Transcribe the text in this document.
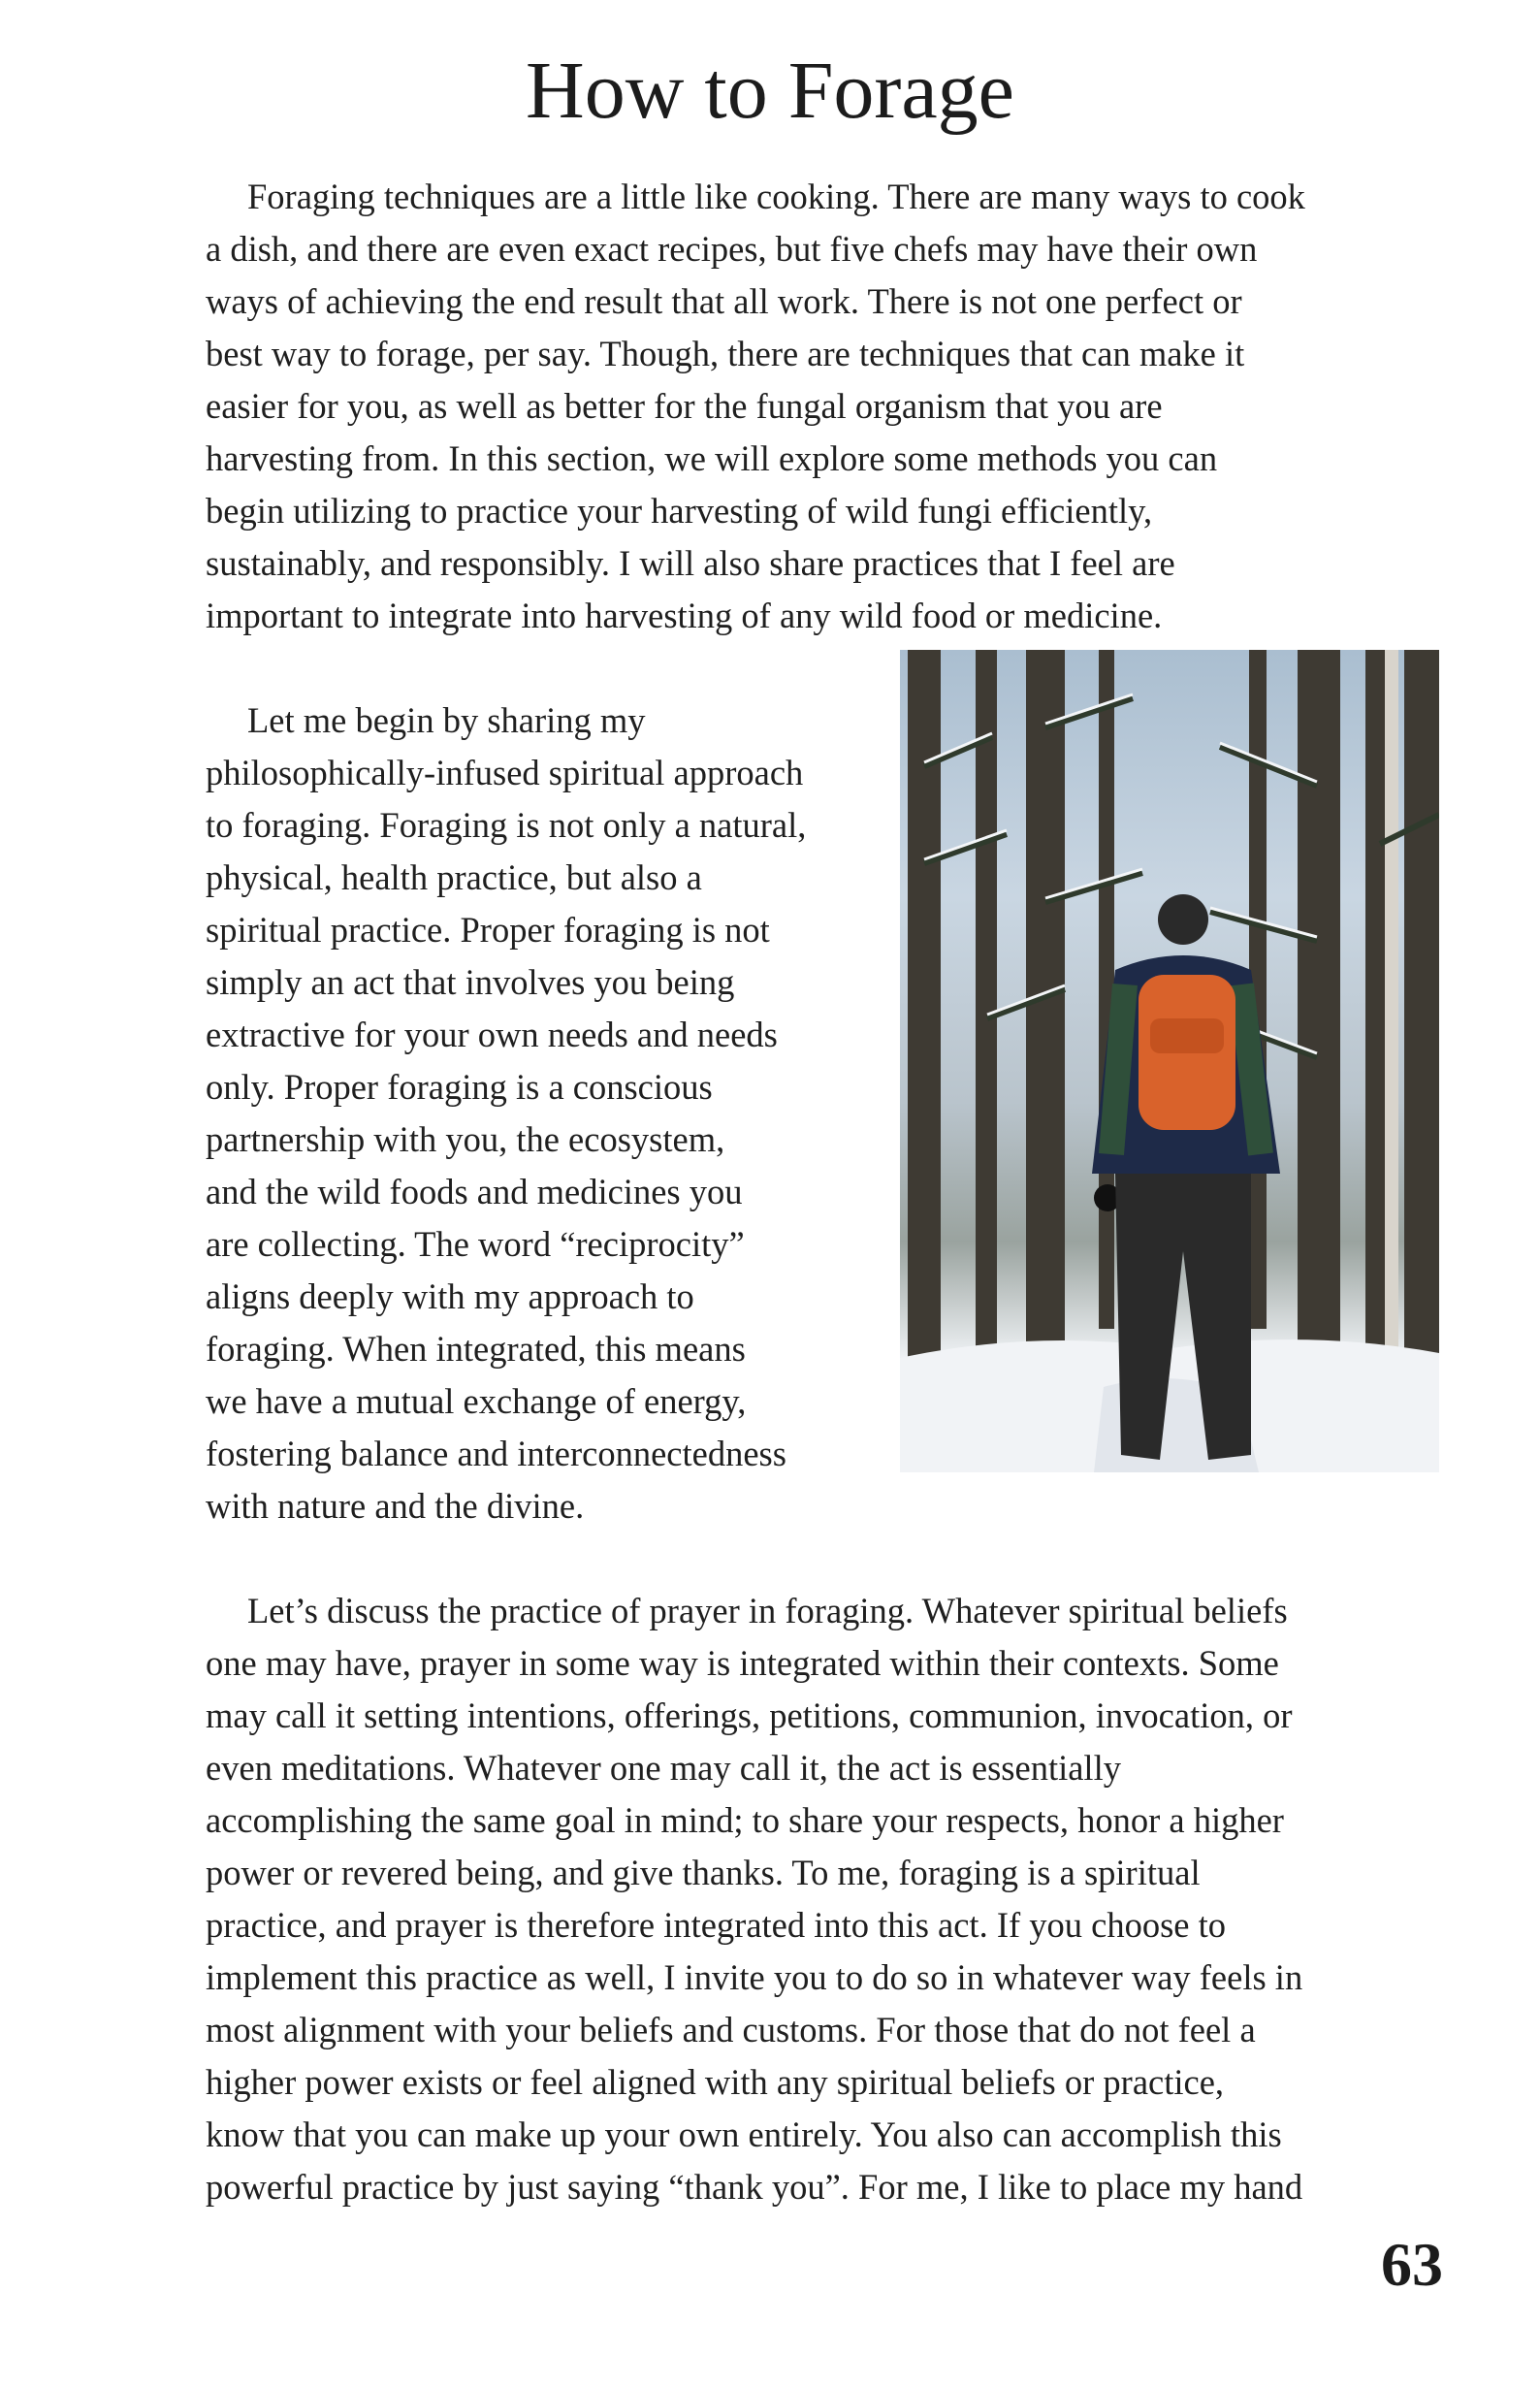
How to Forage
Foraging techniques are a little like cooking. There are many ways to cook
a dish, and there are even exact recipes, but five chefs may have their own
ways of achieving the end result that all work. There is not one perfect or
best way to forage, per say. Though, there are techniques that can make it
easier for you, as well as better for the fungal organism that you are
harvesting from. In this section, we will explore some methods you can
begin utilizing to practice your harvesting of wild fungi efficiently,
sustainably, and responsibly. I will also share practices that I feel are
important to integrate into harvesting of any wild food or medicine.
Let me begin by sharing my
philosophically-infused spiritual approach
to foraging. Foraging is not only a natural,
physical, health practice, but also a
spiritual practice. Proper foraging is not
simply an act that involves you being
extractive for your own needs and needs
only. Proper foraging is a conscious
partnership with you, the ecosystem,
and the wild foods and medicines you
are collecting. The word “reciprocity”
aligns deeply with my approach to
foraging. When integrated, this means
we have a mutual exchange of energy,
fostering balance and interconnectedness
with nature and the divine.
Let’s discuss the practice of prayer in foraging. Whatever spiritual beliefs
one may have, prayer in some way is integrated within their contexts. Some
may call it setting intentions, offerings, petitions, communion, invocation, or
even meditations. Whatever one may call it, the act is essentially
accomplishing the same goal in mind; to share your respects, honor a higher
power or revered being, and give thanks. To me, foraging is a spiritual
practice, and prayer is therefore integrated into this act. If you choose to
implement this practice as well, I invite you to do so in whatever way feels in
most alignment with your beliefs and customs. For those that do not feel a
higher power exists or feel aligned with any spiritual beliefs or practice,
know that you can make up your own entirely. You also can accomplish this
powerful practice by just saying “thank you”. For me, I like to place my hand
63
